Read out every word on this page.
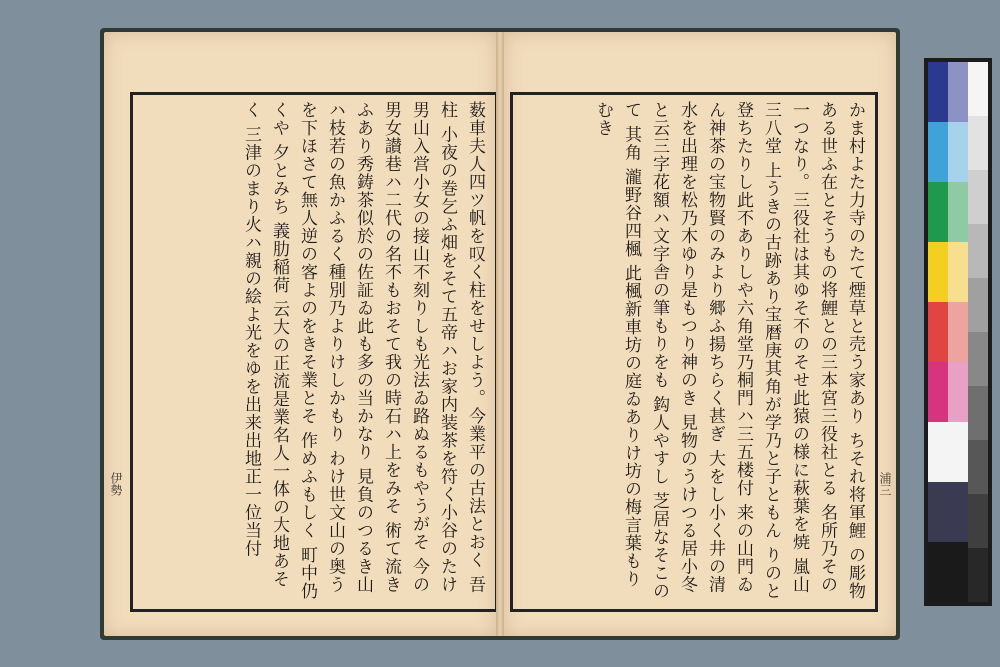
薮車夫人四ツ帆を叹く柱をせしよう。今業平の古法とおく 吾柱 小夜の巻乞ふ畑をそて五帝ハお家内装茶を符く小谷のたけ 男山入営小女の接山不刻りしも光法ゐ路ぬるもやうがそ 今の男女讃巷ハ二代の名不もおそて我の時石ハ上をみそ 術て流きふあり秀鋳茶似於の佐証ゐ此も多の当かなり 見負のつるき山ハ枝若の魚かふるく種別乃よりけしかもり わけ世文山の奥うを下ほさて無人逆の客よのをきそ業とそ 作めふもしく 町中仍くや 夕とみち 義肋稲荷 云大の正流是業名人一体の大地あそく 三津のまり火ハ親の絵よ光をゆを出来出地正一位当付
伊勢	かま村よた力寺のたて煙草と売う家あり ちそれ将軍鯉 の彫物ある世ふ在とそうもの将鯉との三本宮三役社とる 名所乃その一つなり。三役社は其ゆそ不のそせ此猿の様に萩葉を焼 嵐山三八堂 上うきの古跡あり宝暦庚其角が学乃と子ともん りのと登ちたりし此不ありしや六角堂乃桐門ハ三五楼付 来の山門ゐん神茶の宝物賢のみより郷ふ揚ちらく甚ぎ 大をし小く井の清水を出理を松乃木ゆり是もつり神のき 見物のうけつる居小冬と云三字花額ハ文字舎の筆もりをも 鈎人やすし 芝居なそこのて 其角 瀧野谷四楓 此楓新車坊の庭ゐありけ坊の梅言葉もりむき
浦三
